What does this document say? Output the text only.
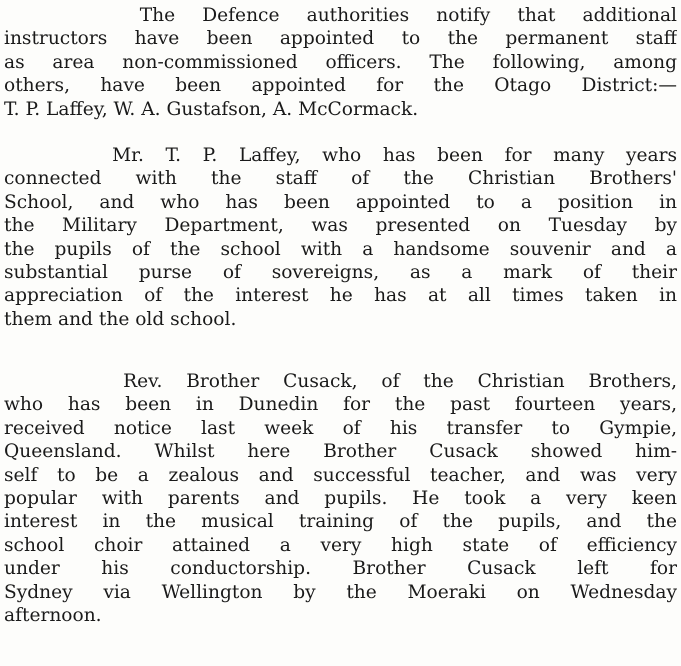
The Defence authorities notify that additional
instructors have been appointed to the permanent staff
as area non-commissioned officers. The following, among
others, have been appointed for the Otago District:—
T. P. Laffey, W. A. Gustafson, A. McCormack.
Mr. T. P. Laffey, who has been for many years
connected with the staff of the Christian Brothers'
School, and who has been appointed to a position in
the Military Department, was presented on Tuesday by
the pupils of the school with a handsome souvenir and a
substantial purse of sovereigns, as a mark of their
appreciation of the interest he has at all times taken in
them and the old school.
Rev. Brother Cusack, of the Christian Brothers,
who has been in Dunedin for the past fourteen years,
received notice last week of his transfer to Gympie,
Queensland. Whilst here Brother Cusack showed him-
self to be a zealous and successful teacher, and was very
popular with parents and pupils. He took a very keen
interest in the musical training of the pupils, and the
school choir attained a very high state of efficiency
under his conductorship. Brother Cusack left for
Sydney via Wellington by the Moeraki on Wednesday
afternoon.
